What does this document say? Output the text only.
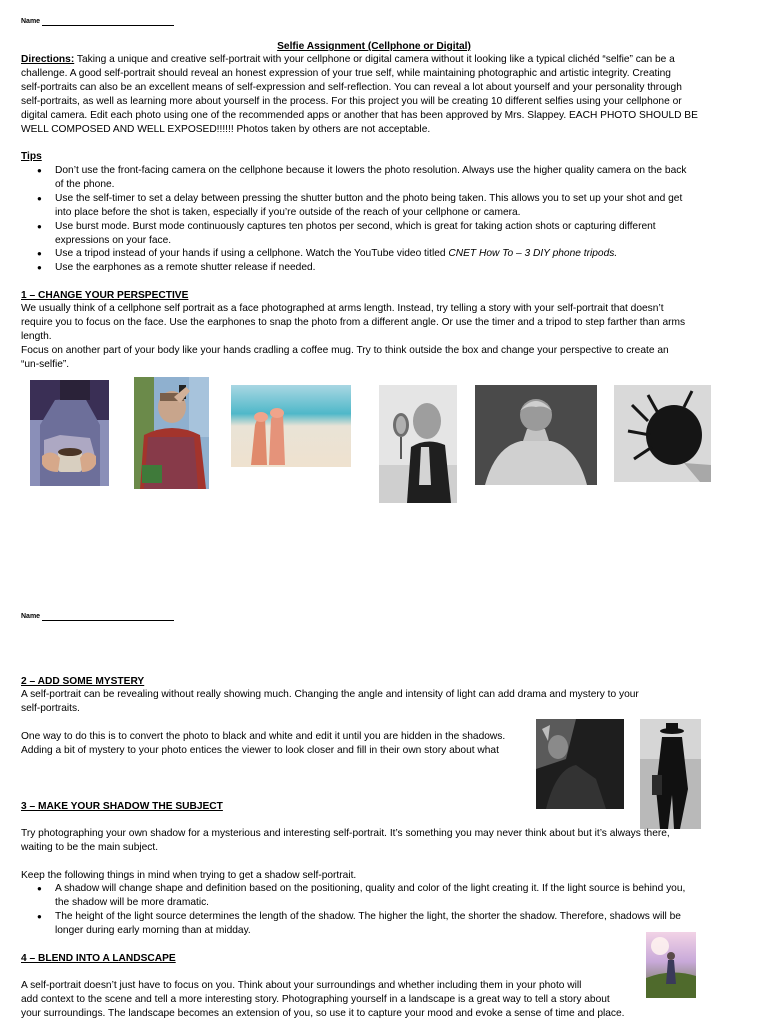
Name
Selfie Assignment (Cellphone or Digital)
Directions: Taking a unique and creative self-portrait with your cellphone or digital camera without it looking like a typical clichéd “selfie” can be a
challenge. A good self-portrait should reveal an honest expression of your true self, while maintaining photographic and artistic integrity. Creating
self-portraits can also be an excellent means of self-expression and self-reflection. You can reveal a lot about yourself and your personality through
self-portraits, as well as learning more about yourself in the process. For this project you will be creating 10 different selfies using your cellphone or
digital camera. Edit each photo using one of the recommended apps or another that has been approved by Mrs. Slappey. EACH PHOTO SHOULD BE
WELL COMPOSED AND WELL EXPOSED!!!!!! Photos taken by others are not acceptable.
Tips
● Don’t use the front-facing camera on the cellphone because it lowers the photo resolution. Always use the higher quality camera on the back
of the phone.
● Use the self-timer to set a delay between pressing the shutter button and the photo being taken. This allows you to set up your shot and get
into place before the shot is taken, especially if you’re outside of the reach of your cellphone or camera.
● Use burst mode. Burst mode continuously captures ten photos per second, which is great for taking action shots or capturing different
expressions on your face.
● Use a tripod instead of your hands if using a cellphone. Watch the YouTube video titled CNET How To – 3 DIY phone tripods.
● Use the earphones as a remote shutter release if needed.
1 – CHANGE YOUR PERSPECTIVE
We usually think of a cellphone self portrait as a face photographed at arms length. Instead, try telling a story with your self-portrait that doesn’t
require you to focus on the face. Use the earphones to snap the photo from a different angle. Or use the timer and a tripod to step farther than arms
length.
Focus on another part of your body like your hands cradling a coffee mug. Try to think outside the box and change your perspective to create an
“un-selfie”.
Name
2 – ADD SOME MYSTERY
A self-portrait can be revealing without really showing much. Changing the angle and intensity of light can add drama and mystery to your
self-portraits.
One way to do this is to convert the photo to black and white and edit it until you are hidden in the shadows.
Adding a bit of mystery to your photo entices the viewer to look closer and fill in their own story about what
3 – MAKE YOUR SHADOW THE SUBJECT
Try photographing your own shadow for a mysterious and interesting self-portrait. It’s something you may never think about but it’s always there,
waiting to be the main subject.
Keep the following things in mind when trying to get a shadow self-portrait.
● A shadow will change shape and definition based on the positioning, quality and color of the light creating it. If the light source is behind you,
the shadow will be more dramatic.
● The height of the light source determines the length of the shadow. The higher the light, the shorter the shadow. Therefore, shadows will be
longer during early morning than at midday.
4 – BLEND INTO A LANDSCAPE
A self-portrait doesn’t just have to focus on you. Think about your surroundings and whether including them in your photo will
add context to the scene and tell a more interesting story. Photographing yourself in a landscape is a great way to tell a story about
your surroundings. The landscape becomes an extension of you, so use it to capture your mood and evoke a sense of time and place.
